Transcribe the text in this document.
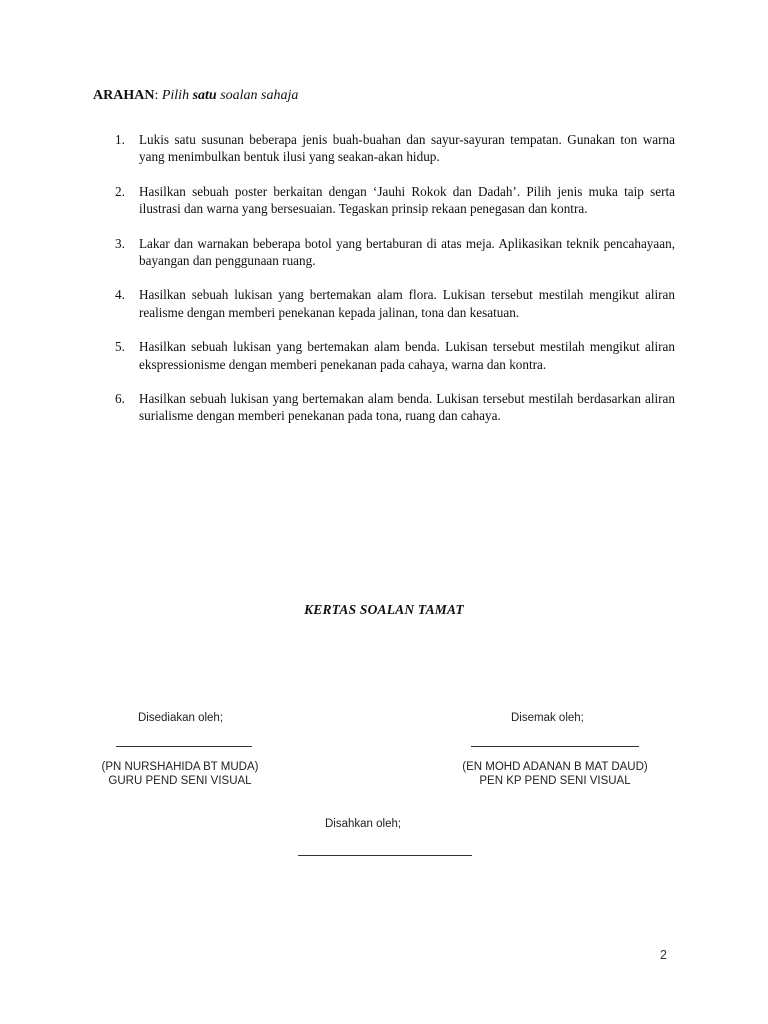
ARAHAN: Pilih satu soalan sahaja
1. Lukis satu susunan beberapa jenis buah-buahan dan sayur-sayuran tempatan. Gunakan ton warna yang menimbulkan bentuk ilusi yang seakan-akan hidup.
2. Hasilkan sebuah poster berkaitan dengan ‘Jauhi Rokok dan Dadah’. Pilih jenis muka taip serta ilustrasi dan warna yang bersesuaian. Tegaskan prinsip rekaan penegasan dan kontra.
3. Lakar dan warnakan beberapa botol yang bertaburan di atas meja. Aplikasikan teknik pencahayaan, bayangan dan penggunaan ruang.
4. Hasilkan sebuah lukisan yang bertemakan alam flora. Lukisan tersebut mestilah mengikut aliran realisme dengan memberi penekanan kepada jalinan, tona dan kesatuan.
5. Hasilkan sebuah lukisan yang bertemakan alam benda. Lukisan tersebut mestilah mengikut aliran ekspressionisme dengan memberi penekanan pada cahaya, warna dan kontra.
6. Hasilkan sebuah lukisan yang bertemakan alam benda. Lukisan tersebut mestilah berdasarkan aliran surialisme dengan memberi penekanan pada tona, ruang dan cahaya.
KERTAS SOALAN TAMAT
Disediakan oleh;
(PN NURSHAHIDA BT MUDA)
GURU PEND SENI VISUAL
Disemak oleh;
(EN MOHD ADANAN B MAT DAUD)
PEN KP PEND SENI VISUAL
Disahkan oleh;
2
